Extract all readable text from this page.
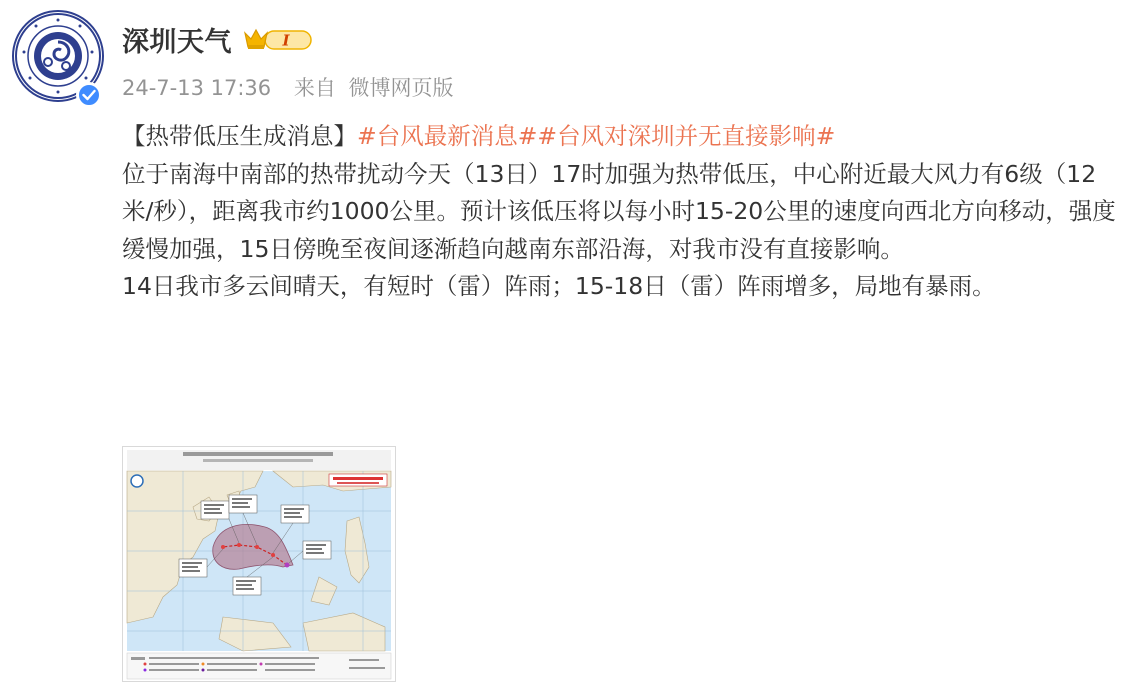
深圳天气	I
24-7-13 17:36 来自 微博网页版

【热带低压生成消息】#台风最新消息##台风对深圳并无直接影响#

位于南海中南部的热带扰动今天（13日）17时加强为热带低压，中心附近最大风力有6级（12米/秒），距离我市约1000公里。预计该低压将以每小时15-20公里的速度向西北方向移动，强度缓慢加强，15日傍晚至夜间逐渐趋向越南东部沿海，对我市没有直接影响。

14日我市多云间晴天，有短时（雷）阵雨；15-18日（雷）阵雨增多，局地有暴雨。
